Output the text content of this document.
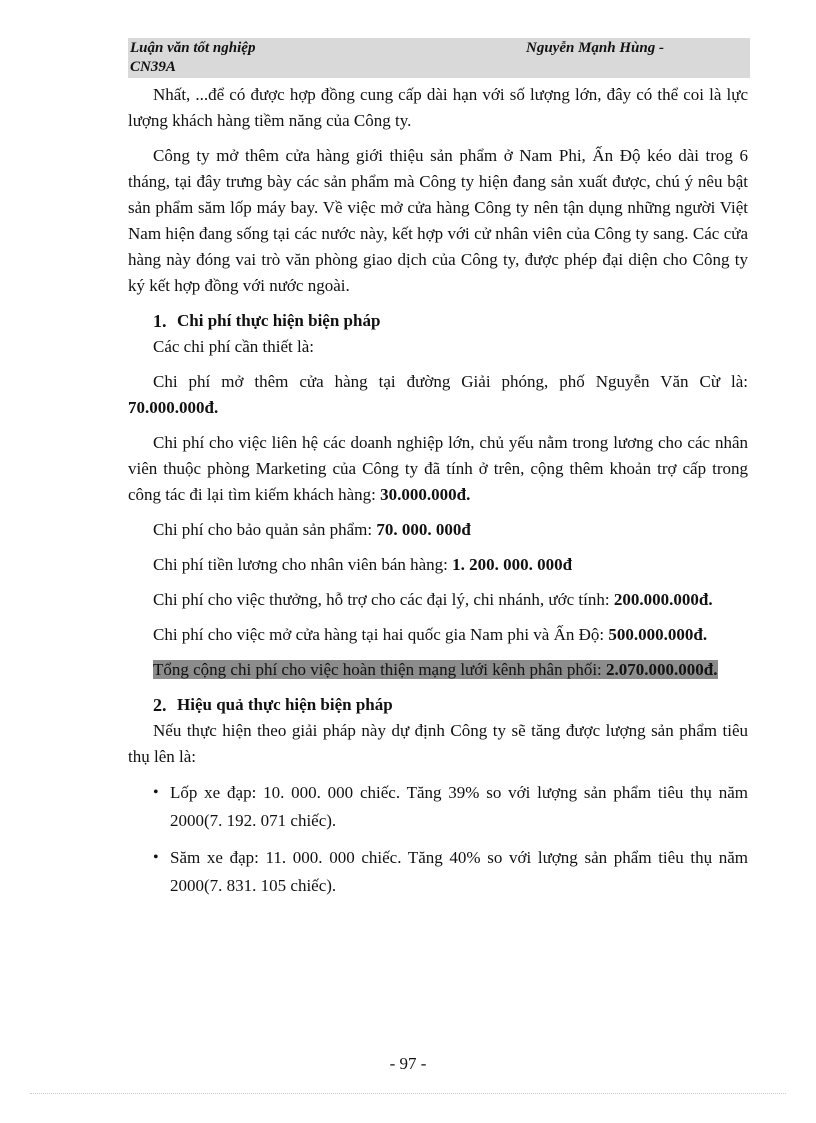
Luận văn tốt nghiệp	Nguyễn Mạnh Hùng -
CN39A

Nhất, ...để có được hợp đồng cung cấp dài hạn với số lượng lớn, đây có thể coi là lực lượng khách hàng tiềm năng của Công ty.

Công ty mở thêm cửa hàng giới thiệu sản phẩm ở Nam Phi, Ấn Độ kéo dài trog 6 tháng, tại đây trưng bày các sản phẩm mà Công ty hiện đang sản xuất được, chú ý nêu bật sản phẩm săm lốp máy bay. Về việc mở cửa hàng Công ty nên tận dụng những người Việt Nam hiện đang sống tại các nước này, kết hợp với cử nhân viên của Công ty sang. Các cửa hàng này đóng vai trò văn phòng giao dịch của Công ty, được phép đại diện cho Công ty ký kết hợp đồng với nước ngoài.

1. Chi phí thực hiện biện pháp

Các chi phí cần thiết là:

Chi phí mở thêm cửa hàng tại đường Giải phóng, phố Nguyễn Văn Cừ là: 70.000.000đ.

Chi phí cho việc liên hệ các doanh nghiệp lớn, chủ yếu nằm trong lương cho các nhân viên thuộc phòng Marketing của Công ty đã tính ở trên, cộng thêm khoản trợ cấp trong công tác đi lại tìm kiếm khách hàng: 30.000.000đ.

Chi phí cho bảo quản sản phẩm: 70. 000. 000đ

Chi phí tiền lương cho nhân viên bán hàng: 1. 200. 000. 000đ

Chi phí cho việc thưởng, hỗ trợ cho các đại lý, chi nhánh, ước tính: 200.000.000đ.

Chi phí cho việc mở cửa hàng tại hai quốc gia Nam phi và Ấn Độ: 500.000.000đ.

Tổng cộng chi phí cho việc hoàn thiện mạng lưới kênh phân phối: 2.070.000.000đ.

2. Hiệu quả thực hiện biện pháp

Nếu thực hiện theo giải pháp này dự định Công ty sẽ tăng được lượng sản phẩm tiêu thụ lên là:

• Lốp xe đạp: 10. 000. 000 chiếc. Tăng 39% so với lượng sản phẩm tiêu thụ năm 2000(7. 192. 071 chiếc).
• Săm xe đạp: 11. 000. 000 chiếc. Tăng 40% so với lượng sản phẩm tiêu thụ năm 2000(7. 831. 105 chiếc).
- 97 -
